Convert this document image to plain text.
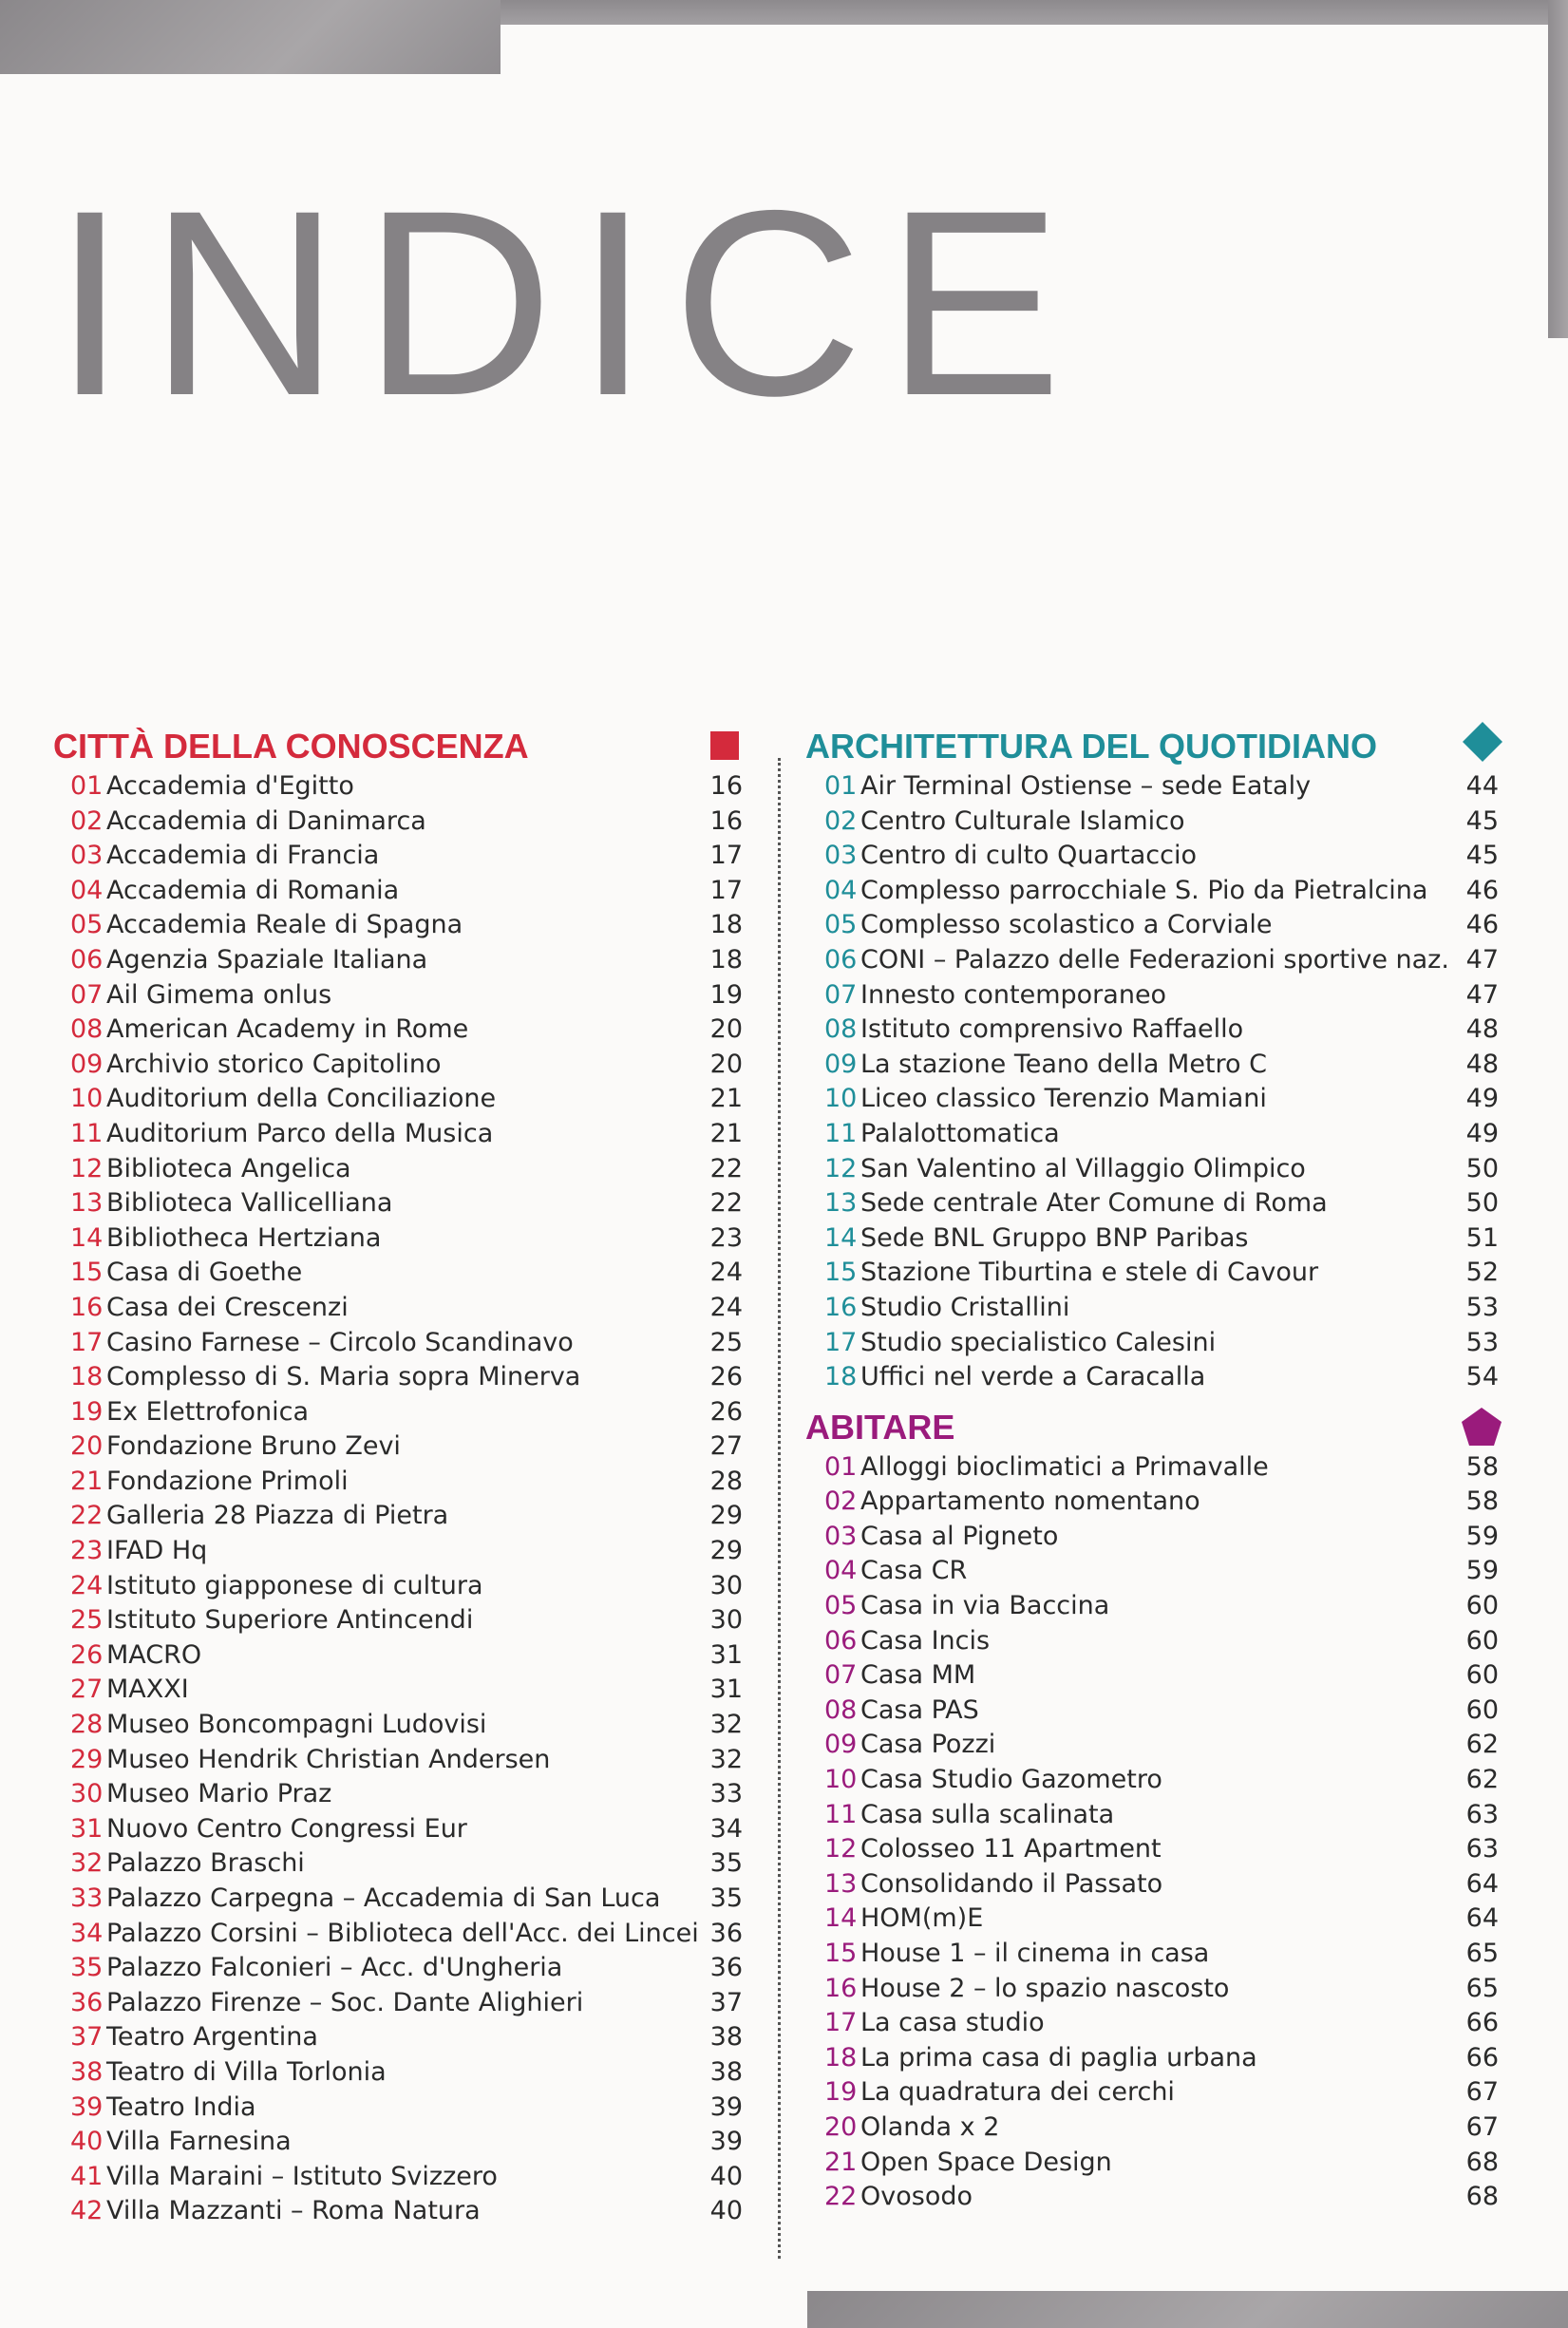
INDICE
CITTÀ DELLA CONOSCENZA
01 Accademia d'Egitto	16
02 Accademia di Danimarca	16
03 Accademia di Francia	17
04 Accademia di Romania	17
05 Accademia Reale di Spagna	18
06 Agenzia Spaziale Italiana	18
07 Ail Gimema onlus	19
08 American Academy in Rome	20
09 Archivio storico Capitolino	20
10 Auditorium della Conciliazione	21
11 Auditorium Parco della Musica	21
12 Biblioteca Angelica	22
13 Biblioteca Vallicelliana	22
14 Bibliotheca Hertziana	23
15 Casa di Goethe	24
16 Casa dei Crescenzi	24
17 Casino Farnese – Circolo Scandinavo	25
18 Complesso di S. Maria sopra Minerva	26
19 Ex Elettrofonica	26
20 Fondazione Bruno Zevi	27
21 Fondazione Primoli	28
22 Galleria 28 Piazza di Pietra	29
23 IFAD Hq	29
24 Istituto giapponese di cultura	30
25 Istituto Superiore Antincendi	30
26 MACRO	31
27 MAXXI	31
28 Museo Boncompagni Ludovisi	32
29 Museo Hendrik Christian Andersen	32
30 Museo Mario Praz	33
31 Nuovo Centro Congressi Eur	34
32 Palazzo Braschi	35
33 Palazzo Carpegna – Accademia di San Luca 35
34 Palazzo Corsini – Biblioteca dell'Acc. dei Lincei 36
35 Palazzo Falconieri – Acc. d'Ungheria	36
36 Palazzo Firenze – Soc. Dante Alighieri	37
37 Teatro Argentina	38
38 Teatro di Villa Torlonia	38
39 Teatro India	39
40 Villa Farnesina	39
41 Villa Maraini – Istituto Svizzero	40
42 Villa Mazzanti – Roma Natura	40
ARCHITETTURA DEL QUOTIDIANO
01 Air Terminal Ostiense – sede Eataly	44
02 Centro Culturale Islamico	45
03 Centro di culto Quartaccio	45
04 Complesso parrocchiale S. Pio da Pietralcina 46
05 Complesso scolastico a Corviale	46
06 CONI – Palazzo delle Federazioni sportive naz. 47
07 Innesto contemporaneo	47
08 Istituto comprensivo Raffaello	48
09 La stazione Teano della Metro C	48
10 Liceo classico Terenzio Mamiani	49
11 Palalottomatica	49
12 San Valentino al Villaggio Olimpico	50
13 Sede centrale Ater Comune di Roma	50
14 Sede BNL Gruppo BNP Paribas	51
15 Stazione Tiburtina e stele di Cavour	52
16 Studio Cristallini	53
17 Studio specialistico Calesini	53
18 Uffici nel verde a Caracalla	54
ABITARE
01 Alloggi bioclimatici a Primavalle	58
02 Appartamento nomentano	58
03 Casa al Pigneto	59
04 Casa CR	59
05 Casa in via Baccina	60
06 Casa Incis	60
07 Casa MM	60
08 Casa PAS	60
09 Casa Pozzi	62
10 Casa Studio Gazometro	62
11 Casa sulla scalinata	63
12 Colosseo 11 Apartment	63
13 Consolidando il Passato	64
14 HOM(m)E	64
15 House 1 – il cinema in casa	65
16 House 2 – lo spazio nascosto	65
17 La casa studio	66
18 La prima casa di paglia urbana	66
19 La quadratura dei cerchi	67
20 Olanda x 2	67
21 Open Space Design	68
22 Ovosodo	68
